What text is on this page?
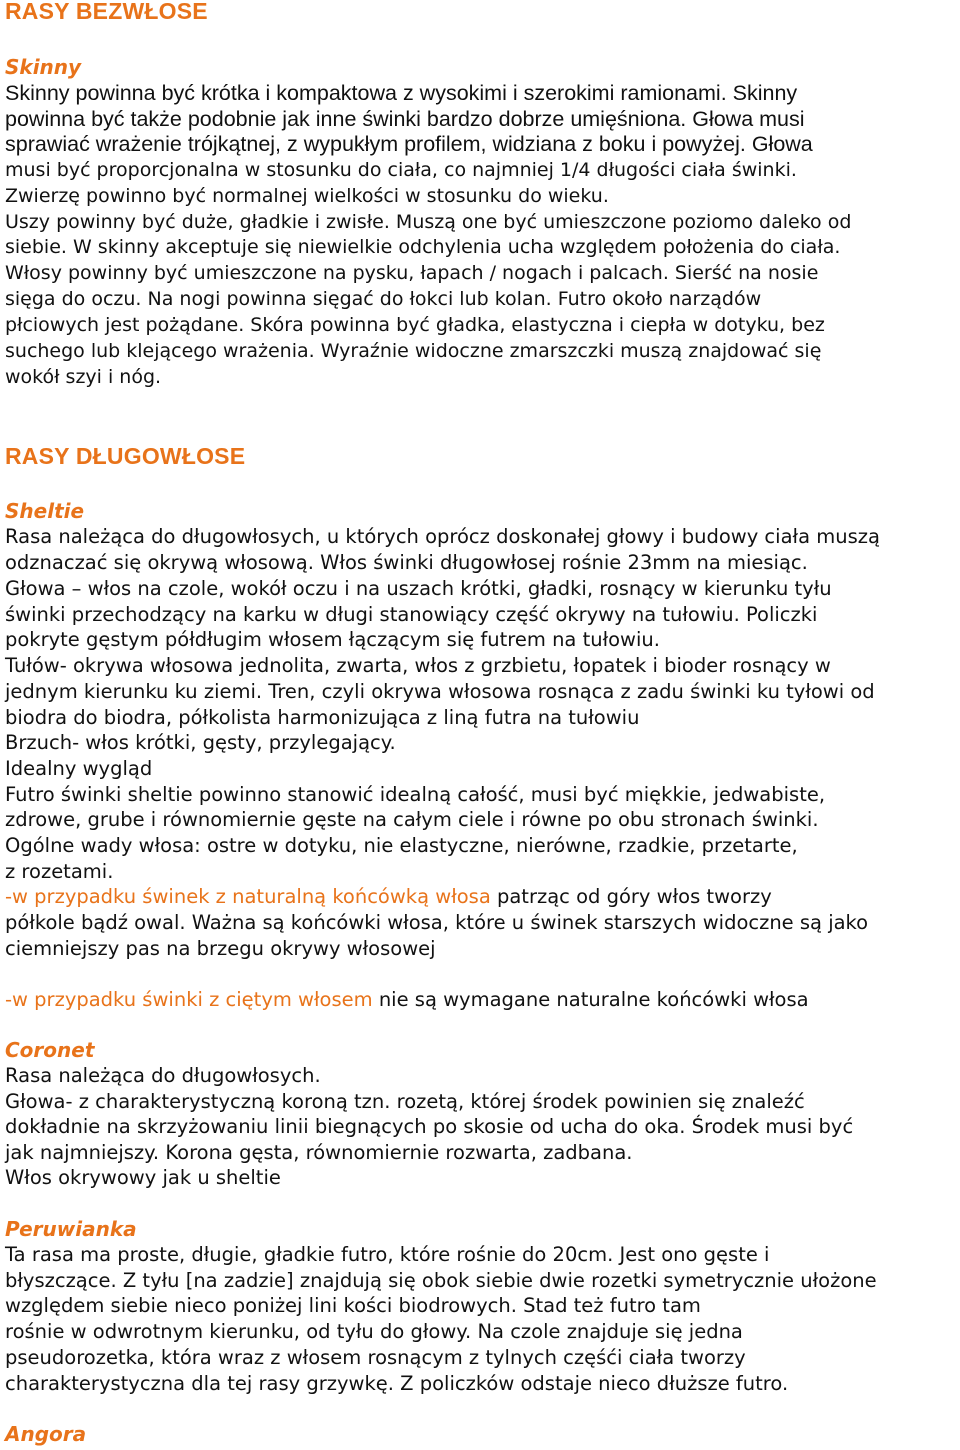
RASY BEZWŁOSE
Skinny

Skinny powinna być krótka i kompaktowa z wysokimi i szerokimi ramionami. Skinny

powinna być także podobnie jak inne świnki bardzo dobrze umięśniona. Głowa musi

sprawiać wrażenie trójkątnej, z wypukłym profilem, widziana z boku i powyżej. Głowa

musi być proporcjonalna w stosunku do ciała, co najmniej 1/4 długości ciała świnki.

Zwierzę powinno być normalnej wielkości w stosunku do wieku.

Uszy powinny być duże, gładkie i zwisłe. Muszą one być umieszczone poziomo daleko od

siebie. W skinny akceptuje się niewielkie odchylenia ucha względem położenia do ciała.

Włosy powinny być umieszczone na pysku, łapach / nogach i palcach. Sierść na nosie

sięga do oczu. Na nogi powinna sięgać do łokci lub kolan. Futro około narządów

płciowych jest pożądane. Skóra powinna być gładka, elastyczna i ciepła w dotyku, bez

suchego lub klejącego wrażenia. Wyraźnie widoczne zmarszczki muszą znajdować się

wokół szyi i nóg.

RASY DŁUGOWŁOSE
Sheltie

Rasa należąca do długowłosych, u których oprócz doskonałej głowy i budowy ciała muszą

odznaczać się okrywą włosową. Włos świnki długowłosej rośnie 23mm na miesiąc.

Głowa – włos na czole, wokół oczu i na uszach krótki, gładki, rosnący w kierunku tyłu

świnki przechodzący na karku w długi stanowiący część okrywy na tułowiu. Policzki

pokryte gęstym półdługim włosem łączącym się futrem na tułowiu.

Tułów- okrywa włosowa jednolita, zwarta, włos z grzbietu, łopatek i bioder rosnący w

jednym kierunku ku ziemi. Tren, czyli okrywa włosowa rosnąca z zadu świnki ku tyłowi od

biodra do biodra, półkolista harmonizująca z liną futra na tułowiu

Brzuch- włos krótki, gęsty, przylegający.

Idealny wygląd

Futro świnki sheltie powinno stanowić idealną całość, musi być miękkie, jedwabiste,

zdrowe, grube i równomiernie gęste na całym ciele i równe po obu stronach świnki.

Ogólne wady włosa: ostre w dotyku, nie elastyczne, nierówne, rzadkie, przetarte,

z rozetami.

-w przypadku świnek z naturalną końcówką włosa patrząc od góry włos tworzy

półkole bądź owal. Ważna są końcówki włosa, które u świnek starszych widoczne są jako

ciemniejszy pas na brzegu okrywy włosowej

-w przypadku świnki z ciętym włosem nie są wymagane naturalne końcówki włosa

Coronet

Rasa należąca do długowłosych.

Głowa- z charakterystyczną koroną tzn. rozetą, której środek powinien się znaleźć

dokładnie na skrzyżowaniu linii biegnących po skosie od ucha do oka. Środek musi być

jak najmniejszy. Korona gęsta, równomiernie rozwarta, zadbana.

Włos okrywowy jak u sheltie

Peruwianka

Ta rasa ma proste, długie, gładkie futro, które rośnie do 20cm. Jest ono gęste i

błyszczące. Z tyłu [na zadzie] znajdują się obok siebie dwie rozetki symetrycznie ułożone

względem siebie nieco poniżej lini kości biodrowych. Stad też futro tam

rośnie w odwrotnym kierunku, od tyłu do głowy. Na czole znajduje się jedna

pseudorozetka, która wraz z włosem rosnącym z tylnych częśći ciała tworzy

charakterystyczna dla tej rasy grzywkę. Z policzków odstaje nieco dłuższe futro.

Angora
